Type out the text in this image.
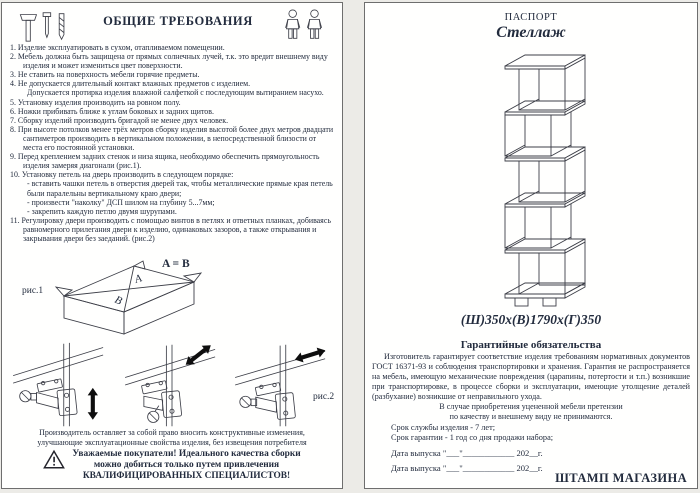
ОБЩИЕ ТРЕБОВАНИЯ
1. Изделие эксплуатировать в сухом, отапливаемом помещении.
2. Мебель должна быть защищена от прямых солнечных лучей, т.к. это вредит внешнему виду изделия и может измениться цвет поверхности.
3. Не ставить на поверхность мебели горячие предметы.
4. Не допускается длительный контакт влажных предметов с изделием.
Допускается протирка изделия влажной салфеткой с последующим вытиранием насухо.
5. Установку изделия производить на ровном полу.
6. Ножки прибивать ближе к углам боковых и задних щитов.
7. Сборку изделий производить бригадой не менее двух человек.
8. При высоте потолков менее трёх метров сборку изделия высотой более двух метров двадцати сантиметров производить в вертикальном положении, в непосредственной близости от места его постоянной установки.
9. Перед креплением задних стенок и низа ящика, необходимо обеспечить прямоугольность изделия замеряя диагонали (рис.1).
10. Установку петель на дверь производить в следующем порядке:
- вставить чашки петель в отверстия дверей так, чтобы металлические прямые края петель были паралельны вертикальному краю двери;
- произвести "наколку" ДСП шилом на глубину 5...7мм;
- закрепить каждую петлю двумя шурупами.
11. Регулировку двери производить с помощью винтов в петлях и ответных планках, добиваясь равномерного прилегания двери к изделию, одинаковых зазоров, а также открывания и закрывания двери без заеданий. (рис.2)
рис.1
A
B
A = B
рис.2
Производитель оставляет за собой право вносить конструктивные изменения,
улучшающие эксплуатационные свойства изделия, без извещения потребителя
Уважаемые покупатели! Идеального качества сборки
можно добиться только путем привлечения
КВАЛИФИЦИРОВАННЫХ СПЕЦИАЛИСТОВ!
ПАСПОРТ
Стеллаж
(Ш)350х(В)1790х(Г)350
Гарантийные обязательства
Изготовитель гарантирует соответствие изделия требованиям нормативных документов ГОСТ 16371-93 и соблюдения транспортировки и хранения. Гарантия не распространяется на мебель, имеющую механические повреждения (царапины, потертости и т.п.) возникшие при транспортировке, в процессе сборки и эксплуатации, имеющие утолщение деталей (разбухание) возникшие от неправильного ухода.
В случае приобретения уцененной мебели претензии
по качеству и внешнему виду не принимаются.
Срок службы изделия - 7 лет;
Срок гарантии - 1 год со дня продажи набора;
Дата выпуска "___"____________ 202__г.
Дата выпуска "___"____________ 202__г.
ШТАМП МАГАЗИНА
